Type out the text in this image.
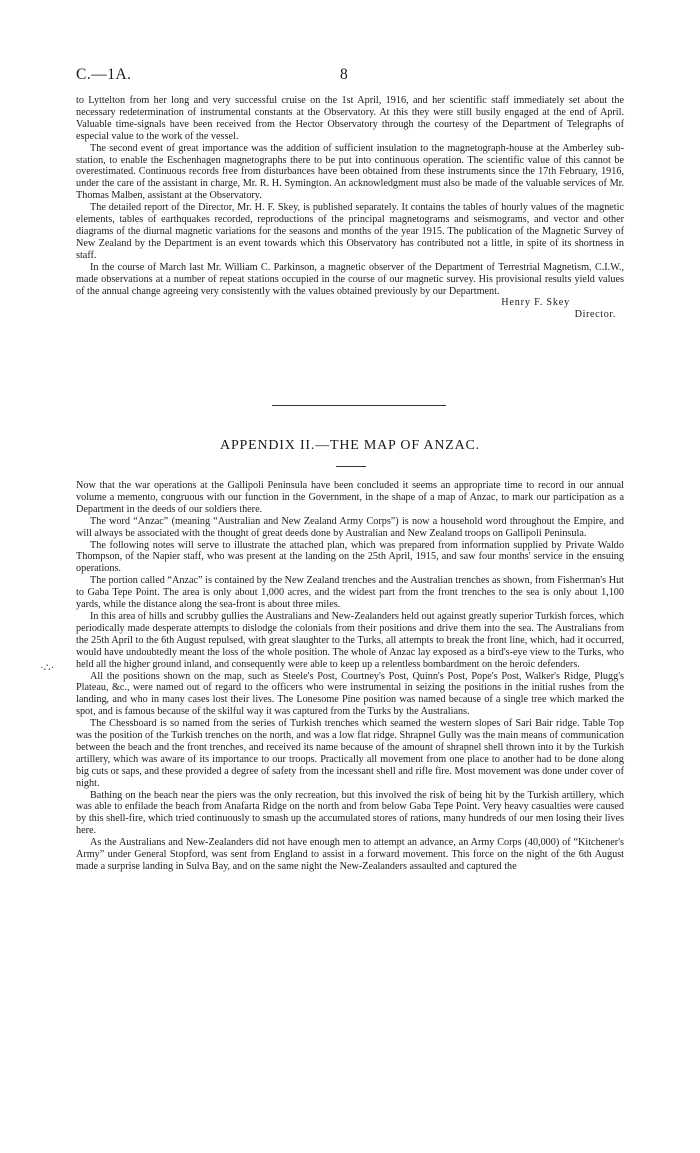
C.—1A.	8

to Lyttelton from her long and very successful cruise on the 1st April, 1916, and her scientific staff immediately set about the necessary redetermination of instrumental constants at the Observatory. At this they were still busily engaged at the end of April. Valuable time-signals have been received from the Hector Observatory through the courtesy of the Department of Telegraphs of especial value to the work of the vessel.

The second event of great importance was the addition of sufficient insulation to the magnetograph-house at the Amberley sub-station, to enable the Eschenhagen magnetographs there to be put into continuous operation. The scientific value of this cannot be overestimated. Continuous records free from disturbances have been obtained from these instruments since the 17th February, 1916, under the care of the assistant in charge, Mr. R. H. Symington. An acknowledgment must also be made of the valuable services of Mr. Thomas Malben, assistant at the Observatory.

The detailed report of the Director, Mr. H. F. Skey, is published separately. It contains the tables of hourly values of the magnetic elements, tables of earthquakes recorded, reproductions of the principal magnetograms and seismograms, and vector and other diagrams of the diurnal magnetic variations for the seasons and months of the year 1915. The publication of the Magnetic Survey of New Zealand by the Department is an event towards which this Observatory has contributed not a little, in spite of its shortness in staff.

In the course of March last Mr. William C. Parkinson, a magnetic observer of the Department of Terrestrial Magnetism, C.I.W., made observations at a number of repeat stations occupied in the course of our magnetic survey. His provisional results yield values of the annual change agreeing very consistently with the values obtained previously by our Department.

Henry F. Skey
Director.
APPENDIX II.—THE MAP OF ANZAC.

Now that the war operations at the Gallipoli Peninsula have been concluded it seems an appropriate time to record in our annual volume a memento, congruous with our function in the Government, in the shape of a map of Anzac, to mark our participation as a Department in the deeds of our soldiers there.

The word “Anzac” (meaning “Australian and New Zealand Army Corps”) is now a household word throughout the Empire, and will always be associated with the thought of great deeds done by Australian and New Zealand troops on Gallipoli Peninsula.

The following notes will serve to illustrate the attached plan, which was prepared from information supplied by Private Waldo Thompson, of the Napier staff, who was present at the landing on the 25th April, 1915, and saw four months' service in the ensuing operations.

The portion called “Anzac” is contained by the New Zealand trenches and the Australian trenches as shown, from Fisherman's Hut to Gaba Tepe Point. The area is only about 1,000 acres, and the widest part from the front trenches to the sea is only about 1,100 yards, while the distance along the sea-front is about three miles.

In this area of hills and scrubby gullies the Australians and New-Zealanders held out against greatly superior Turkish forces, which periodically made desperate attempts to dislodge the colonials from their positions and drive them into the sea. The Australians from the 25th April to the 6th August repulsed, with great slaughter to the Turks, all attempts to break the front line, which, had it occurred, would have undoubtedly meant the loss of the whole position. The whole of Anzac lay exposed as a bird's-eye view to the Turks, who held all the higher ground inland, and consequently were able to keep up a relentless bombardment on the heroic defenders.

All the positions shown on the map, such as Steele's Post, Courtney's Post, Quinn's Post, Pope's Post, Walker's Ridge, Plugg's Plateau, &c., were named out of regard to the officers who were instrumental in seizing the positions in the initial rushes from the landing, and who in many cases lost their lives. The Lonesome Pine position was named because of a single tree which marked the spot, and is famous because of the skilful way it was captured from the Turks by the Australians.

The Chessboard is so named from the series of Turkish trenches which seamed the western slopes of Sari Bair ridge. Table Top was the position of the Turkish trenches on the north, and was a low flat ridge. Shrapnel Gully was the main means of communication between the beach and the front trenches, and received its name because of the amount of shrapnel shell thrown into it by the Turkish artillery, which was aware of its importance to our troops. Practically all movement from one place to another had to be done along big cuts or saps, and these provided a degree of safety from the incessant shell and rifle fire. Most movement was done under cover of night.

Bathing on the beach near the piers was the only recreation, but this involved the risk of being hit by the Turkish artillery, which was able to enfilade the beach from Anafarta Ridge on the north and from below Gaba Tepe Point. Very heavy casualties were caused by this shell-fire, which tried continuously to smash up the accumulated stores of rations, many hundreds of our men losing their lives here.

As the Australians and New-Zealanders did not have enough men to attempt an advance, an Army Corps (40,000) of “Kitchener's Army” under General Stopford, was sent from England to assist in a forward movement. This force on the night of the 6th August made a surprise landing in Sulva Bay, and on the same night the New-Zealanders assaulted and captured the

·∴·
